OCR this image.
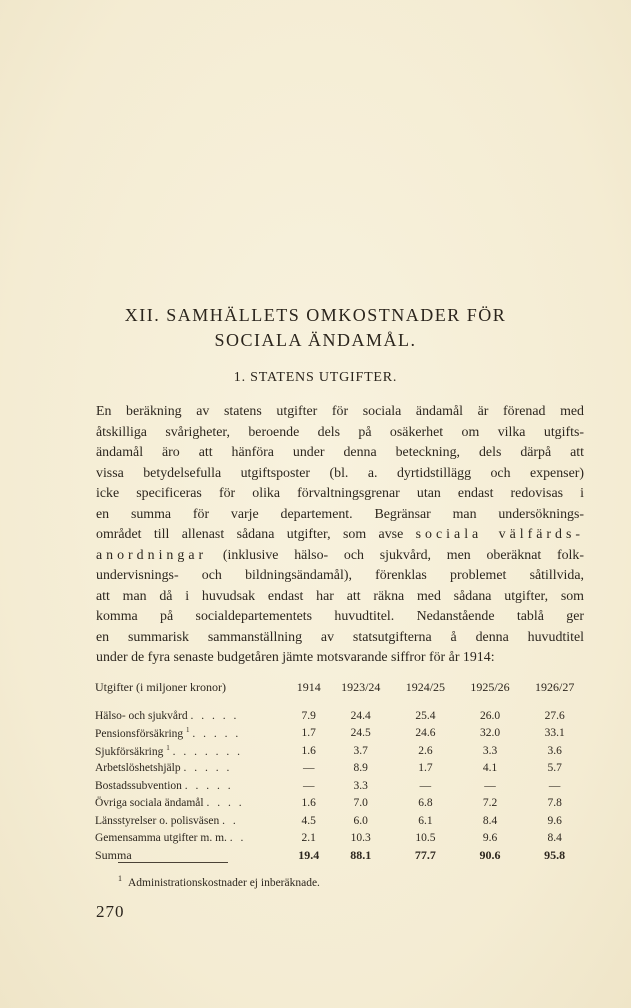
XII. SAMHÄLLETS OMKOSTNADER FÖR
SOCIALA ÄNDAMÅL.
1. STATENS UTGIFTER.
En beräkning av statens utgifter för sociala ändamål är förenad med
åtskilliga svårigheter, beroende dels på osäkerhet om vilka utgifts-
ändamål äro att hänföra under denna beteckning, dels därpå att
vissa betydelsefulla utgiftsposter (bl. a. dyrtidstillägg och expenser)
icke specificeras för olika förvaltningsgrenar utan endast redovisas i
en summa för varje departement. Begränsar man undersöknings-
området till allenast sådana utgifter, som avse sociala välfärds-
anordningar (inklusive hälso- och sjukvård, men oberäknat folk-
undervisnings- och bildningsändamål), förenklas problemet såtillvida,
att man då i huvudsak endast har att räkna med sådana utgifter, som
komma på socialdepartementets huvudtitel. Nedanstående tablå ger
en summarisk sammanställning av statsutgifterna å denna huvudtitel
under de fyra senaste budgetåren jämte motsvarande siffror för år 1914:
Utgifter (i miljoner kronor)	1914	1923/24	1924/25	1925/26	1926/27
Hälso- och sjukvård . . . . .	7.9	24.4	25.4	26.0	27.6
Pensionsförsäkring $^1$ . . . . .	1.7	24.5	24.6	32.0	33.1
Sjukförsäkring $^1$ . . . . . . .	1.6	3.7	2.6	3.3	3.6
Arbetslöshetshjälp . . . . .	—	8.9	1.7	4.1	5.7
Bostadssubvention . . . . .	—	3.3	—	—	—
Övriga sociala ändamål . . . .	1.6	7.0	6.8	7.2	7.8
Länsstyrelser o. polisväsen . .	4.5	6.0	6.1	8.4	9.6
Gemensamma utgifter m. m. . .	2.1	10.3	10.5	9.6	8.4
Summa	19.4	88.1	77.7	90.6	95.8
$^1$ Administrationskostnader ej inberäknade.
270
